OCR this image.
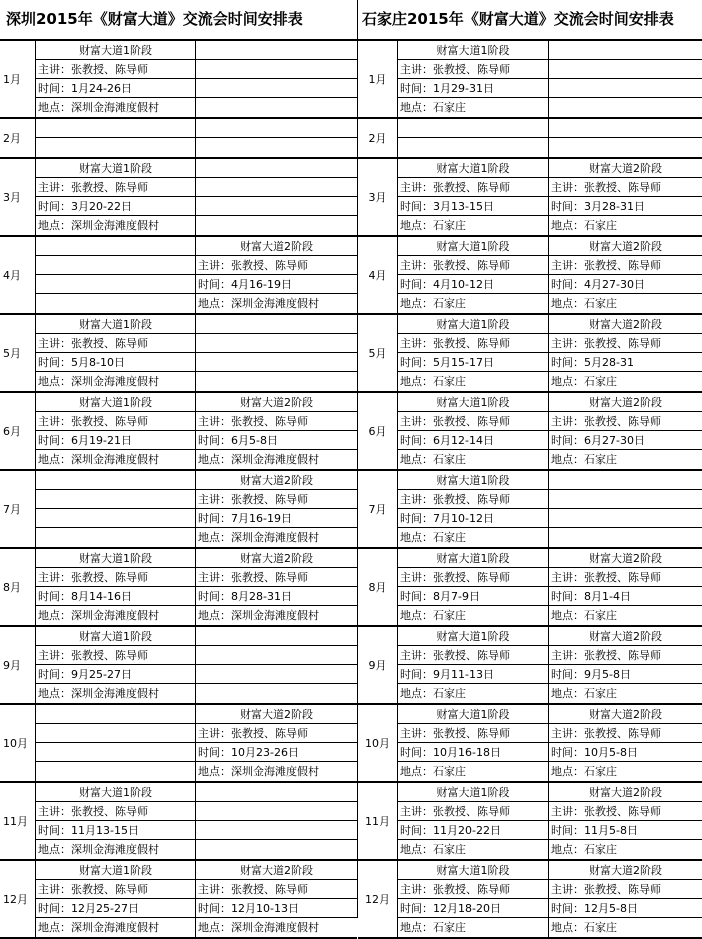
深圳2015年《财富大道》交流会时间安排表
1月
财富大道1阶段
主讲：张教授、陈导师
时间：1月24-26日
地点：深圳金海滩度假村
2月
3月
财富大道1阶段
主讲：张教授、陈导师
时间：3月20-22日
地点：深圳金海滩度假村
4月
财富大道2阶段
主讲：张教授、陈导师
时间：4月16-19日
地点：深圳金海滩度假村
5月
财富大道1阶段
主讲：张教授、陈导师
时间：5月8-10日
地点：深圳金海滩度假村
6月
财富大道1阶段
主讲：张教授、陈导师
时间：6月19-21日
地点：深圳金海滩度假村
财富大道2阶段
主讲：张教授、陈导师
时间：6月5-8日
地点：深圳金海滩度假村
7月
财富大道2阶段
主讲：张教授、陈导师
时间：7月16-19日
地点：深圳金海滩度假村
8月
财富大道1阶段
主讲：张教授、陈导师
时间：8月14-16日
地点：深圳金海滩度假村
财富大道2阶段
主讲：张教授、陈导师
时间：8月28-31日
地点：深圳金海滩度假村
9月
财富大道1阶段
主讲：张教授、陈导师
时间：9月25-27日
地点：深圳金海滩度假村
10月
财富大道2阶段
主讲：张教授、陈导师
时间：10月23-26日
地点：深圳金海滩度假村
11月
财富大道1阶段
主讲：张教授、陈导师
时间：11月13-15日
地点：深圳金海滩度假村
12月
财富大道1阶段
主讲：张教授、陈导师
时间：12月25-27日
地点：深圳金海滩度假村
财富大道2阶段
主讲：张教授、陈导师
时间：12月10-13日
地点：深圳金海滩度假村
石家庄2015年《财富大道》交流会时间安排表
1月
财富大道1阶段
主讲：张教授、陈导师
时间：1月29-31日
地点：石家庄
2月
3月
财富大道1阶段
主讲：张教授、陈导师
时间：3月13-15日
地点：石家庄
财富大道2阶段
主讲：张教授、陈导师
时间：3月28-31日
地点：石家庄
4月
财富大道1阶段
主讲：张教授、陈导师
时间：4月10-12日
地点：石家庄
财富大道2阶段
主讲：张教授、陈导师
时间：4月27-30日
地点：石家庄
5月
财富大道1阶段
主讲：张教授、陈导师
时间：5月15-17日
地点：石家庄
财富大道2阶段
主讲：张教授、陈导师
时间：5月28-31
地点：石家庄
6月
财富大道1阶段
主讲：张教授、陈导师
时间：6月12-14日
地点：石家庄
财富大道2阶段
主讲：张教授、陈导师
时间：6月27-30日
地点：石家庄
7月
财富大道1阶段
主讲：张教授、陈导师
时间：7月10-12日
地点：石家庄
8月
财富大道1阶段
主讲：张教授、陈导师
时间：8月7-9日
地点：石家庄
财富大道2阶段
主讲：张教授、陈导师
时间：8月1-4日
地点：石家庄
9月
财富大道1阶段
主讲：张教授、陈导师
时间：9月11-13日
地点：石家庄
财富大道2阶段
主讲：张教授、陈导师
时间：9月5-8日
地点：石家庄
10月
财富大道1阶段
主讲：张教授、陈导师
时间：10月16-18日
地点：石家庄
财富大道2阶段
主讲：张教授、陈导师
时间：10月5-8日
地点：石家庄
11月
财富大道1阶段
主讲：张教授、陈导师
时间：11月20-22日
地点：石家庄
财富大道2阶段
主讲：张教授、陈导师
时间：11月5-8日
地点：石家庄
12月
财富大道1阶段
主讲：张教授、陈导师
时间：12月18-20日
地点：石家庄
财富大道2阶段
主讲：张教授、陈导师
时间：12月5-8日
地点：石家庄
